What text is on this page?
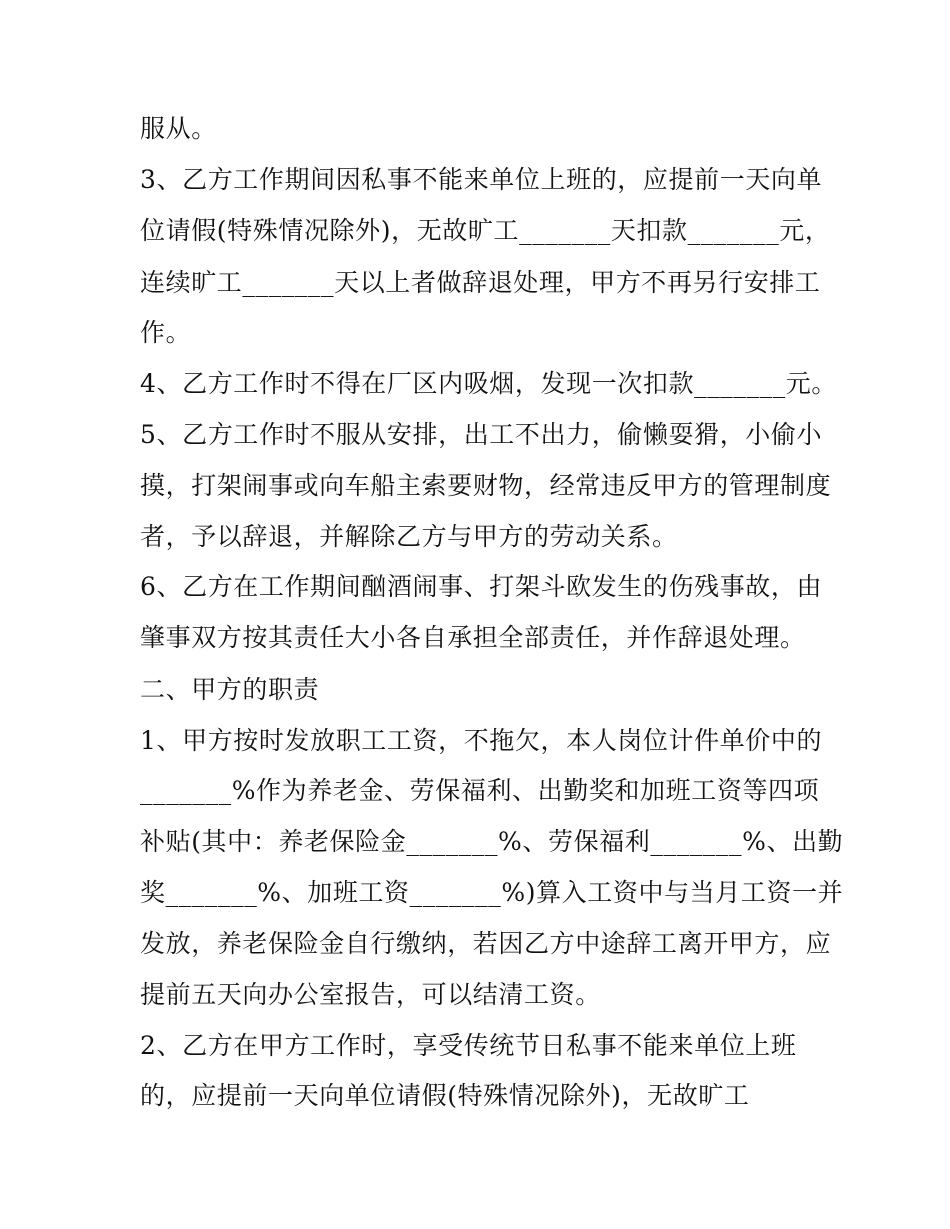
服从。
3、乙方工作期间因私事不能来单位上班的，应提前一天向单
位请假(特殊情况除外)，无故旷工_______天扣款_______元，
连续旷工_______天以上者做辞退处理，甲方不再另行安排工
作。
4、乙方工作时不得在厂区内吸烟，发现一次扣款_______元。
5、乙方工作时不服从安排，出工不出力，偷懒耍猾，小偷小
摸，打架闹事或向车船主索要财物，经常违反甲方的管理制度
者，予以辞退，并解除乙方与甲方的劳动关系。
6、乙方在工作期间酗酒闹事、打架斗欧发生的伤残事故，由
肇事双方按其责任大小各自承担全部责任，并作辞退处理。
二、甲方的职责
1、甲方按时发放职工工资，不拖欠，本人岗位计件单价中的
_______%作为养老金、劳保福利、出勤奖和加班工资等四项
补贴(其中：养老保险金_______%、劳保福利_______%、出勤
奖_______%、加班工资_______%)算入工资中与当月工资一并
发放，养老保险金自行缴纳，若因乙方中途辞工离开甲方，应
提前五天向办公室报告，可以结清工资。
2、乙方在甲方工作时，享受传统节日私事不能来单位上班
的，应提前一天向单位请假(特殊情况除外)，无故旷工
